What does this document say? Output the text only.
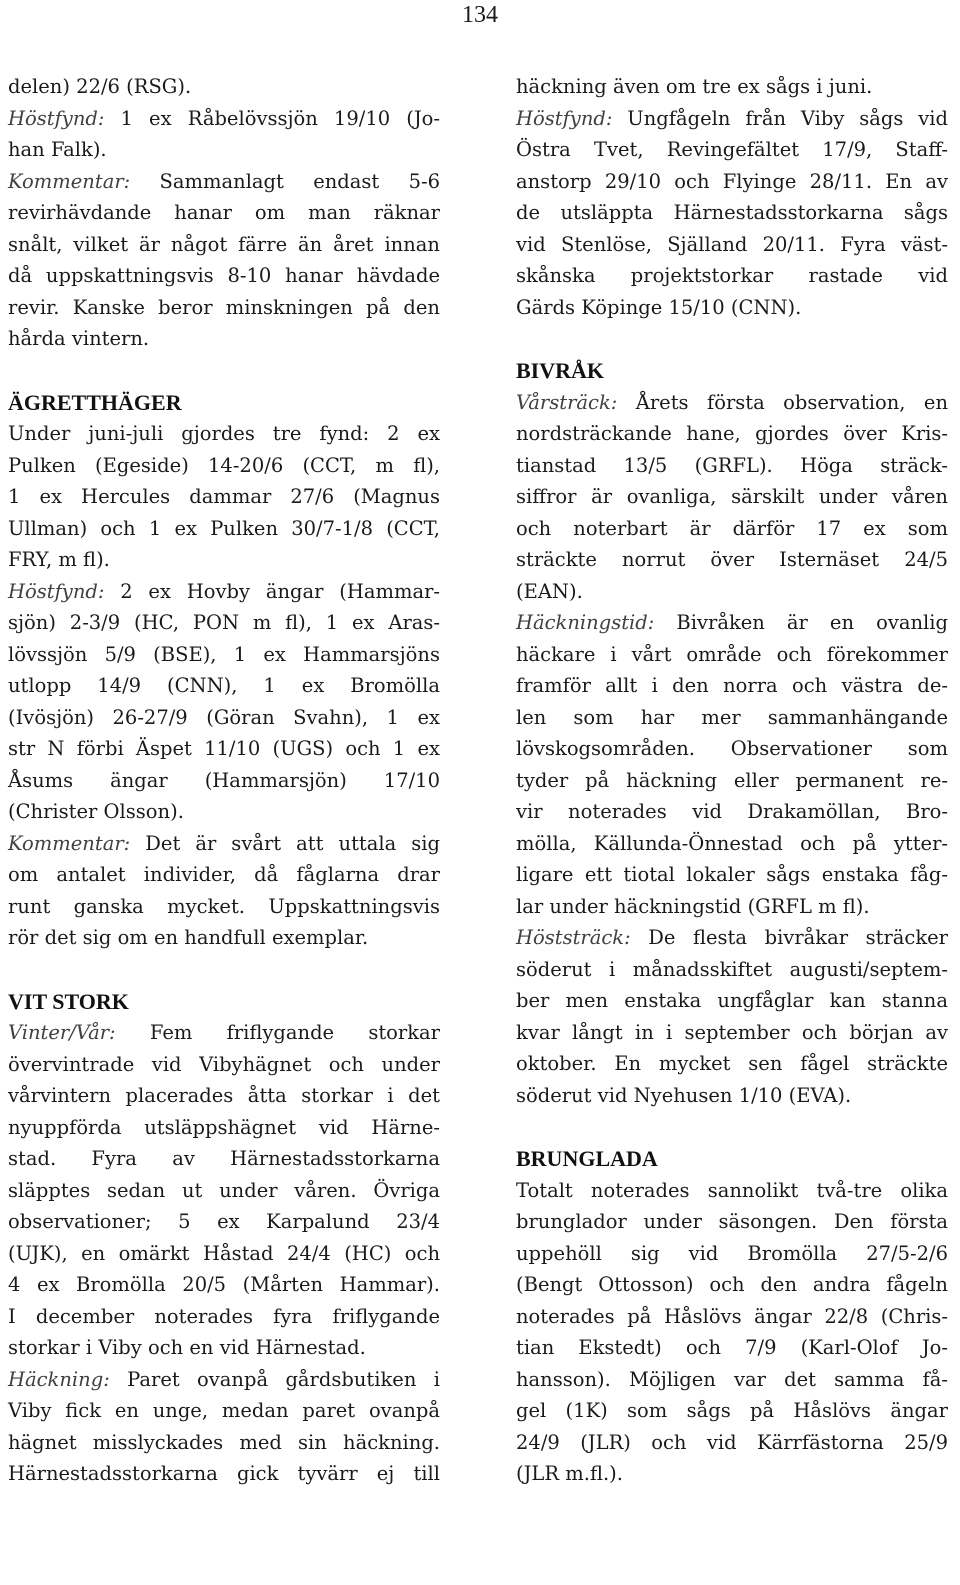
134
delen) 22/6 (RSG).
Höstfynd: 1 ex Råbelövssjön 19/10 (Jo-
han Falk).
Kommentar: Sammanlagt endast 5-6
revirhävdande hanar om man räknar
snålt, vilket är något färre än året innan
då uppskattningsvis 8-10 hanar hävdade
revir. Kanske beror minskningen på den
hårda vintern.
ÄGRETTHÄGER
Under juni-juli gjordes tre fynd: 2 ex
Pulken (Egeside) 14-20/6 (CCT, m fl),
1 ex Hercules dammar 27/6 (Magnus
Ullman) och 1 ex Pulken 30/7-1/8 (CCT,
FRY, m fl).
Höstfynd: 2 ex Hovby ängar (Hammar-
sjön) 2-3/9 (HC, PON m fl), 1 ex Aras-
lövssjön 5/9 (BSE), 1 ex Hammarsjöns
utlopp 14/9 (CNN), 1 ex Bromölla
(Ivösjön) 26-27/9 (Göran Svahn), 1 ex
str N förbi Äspet 11/10 (UGS) och 1 ex
Åsums ängar (Hammarsjön) 17/10
(Christer Olsson).
Kommentar: Det är svårt att uttala sig
om antalet individer, då fåglarna drar
runt ganska mycket. Uppskattningsvis
rör det sig om en handfull exemplar.
VIT STORK
Vinter/Vår: Fem friflygande storkar
övervintrade vid Vibyhägnet och under
vårvintern placerades åtta storkar i det
nyuppförda utsläppshägnet vid Härne-
stad. Fyra av Härnestadsstorkarna
släpptes sedan ut under våren. Övriga
observationer; 5 ex Karpalund 23/4
(UJK), en omärkt Håstad 24/4 (HC) och
4 ex Bromölla 20/5 (Mårten Hammar).
I december noterades fyra friflygande
storkar i Viby och en vid Härnestad.
Häckning: Paret ovanpå gårdsbutiken i
Viby fick en unge, medan paret ovanpå
hägnet misslyckades med sin häckning.
Härnestadsstorkarna gick tyvärr ej till
häckning även om tre ex sågs i juni.
Höstfynd: Ungfågeln från Viby sågs vid
Östra Tvet, Revingefältet 17/9, Staff-
anstorp 29/10 och Flyinge 28/11. En av
de utsläppta Härnestadsstorkarna sågs
vid Stenlöse, Själland 20/11. Fyra väst-
skånska projektstorkar rastade vid
Gärds Köpinge 15/10 (CNN).
BIVRÅK
Vårsträck: Årets första observation, en
nordsträckande hane, gjordes över Kris-
tianstad 13/5 (GRFL). Höga sträck-
siffror är ovanliga, särskilt under våren
och noterbart är därför 17 ex som
sträckte norrut över Isternäset 24/5
(EAN).
Häckningstid: Bivråken är en ovanlig
häckare i vårt område och förekommer
framför allt i den norra och västra de-
len som har mer sammanhängande
lövskogsområden. Observationer som
tyder på häckning eller permanent re-
vir noterades vid Drakamöllan, Bro-
mölla, Källunda-Önnestad och på ytter-
ligare ett tiotal lokaler sågs enstaka fåg-
lar under häckningstid (GRFL m fl).
Höststräck: De flesta bivråkar sträcker
söderut i månadsskiftet augusti/septem-
ber men enstaka ungfåglar kan stanna
kvar långt in i september och början av
oktober. En mycket sen fågel sträckte
söderut vid Nyehusen 1/10 (EVA).
BRUNGLADA
Totalt noterades sannolikt två-tre olika
brunglador under säsongen. Den första
uppehöll sig vid Bromölla 27/5-2/6
(Bengt Ottosson) och den andra fågeln
noterades på Håslövs ängar 22/8 (Chris-
tian Ekstedt) och 7/9 (Karl-Olof Jo-
hansson). Möjligen var det samma få-
gel (1K) som sågs på Håslövs ängar
24/9 (JLR) och vid Kärrfästorna 25/9
(JLR m.fl.).
